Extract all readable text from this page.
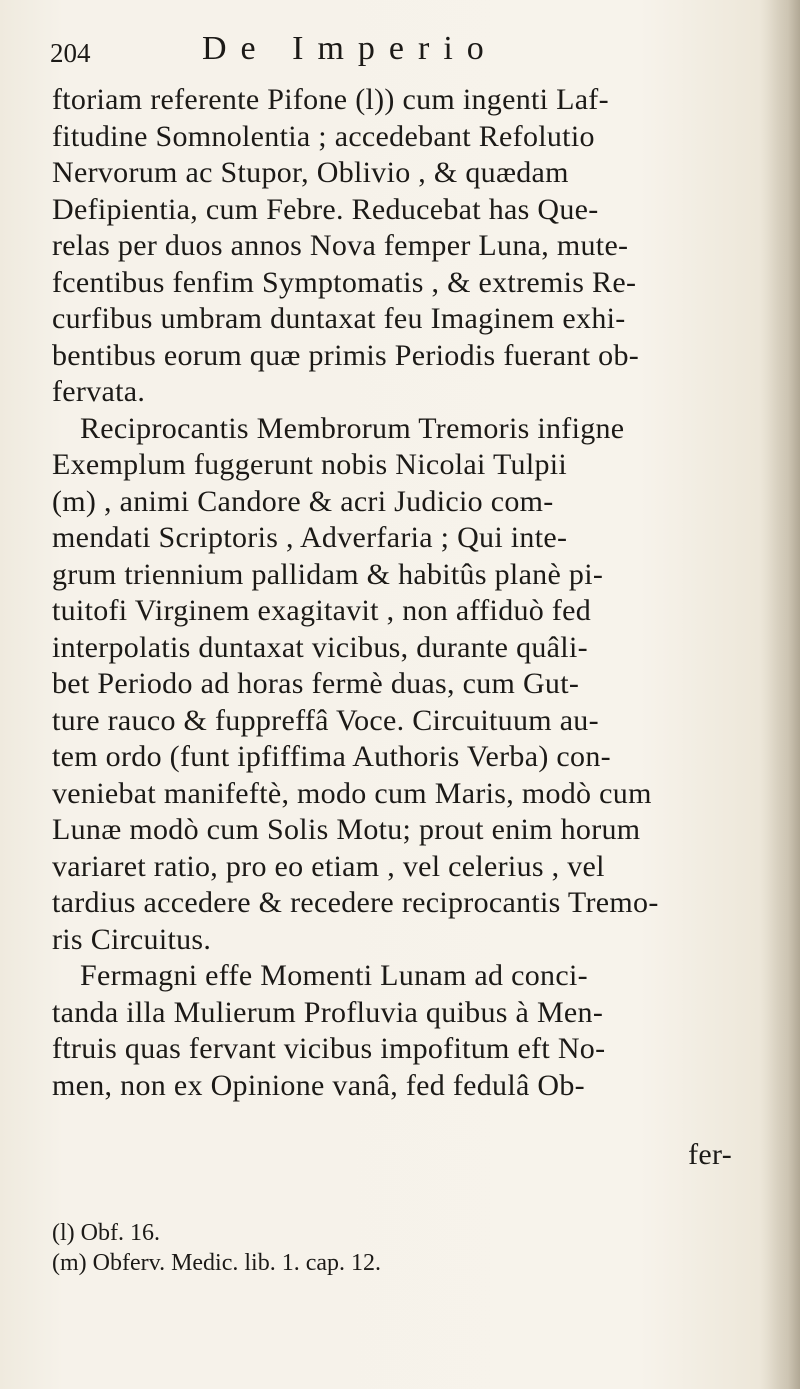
204	De Imperio
ftoriam referente Pifone (l)) cum ingenti Laf-
fitudine Somnolentia ; accedebant Refolutio
Nervorum ac Stupor, Oblivio , & quædam
Defipientia, cum Febre. Reducebat has Que-
relas per duos annos Nova femper Luna, mute-
fcentibus fenfim Symptomatis , & extremis Re-
curfibus umbram duntaxat feu Imaginem exhi-
bentibus eorum quæ primis Periodis fuerant ob-
fervata.
Reciprocantis Membrorum Tremoris infigne
Exemplum fuggerunt nobis Nicolai Tulpii
(m) , animi Candore & acri Judicio com-
mendati Scriptoris , Adverfaria ; Qui inte-
grum triennium pallidam & habitûs planè pi-
tuitofi Virginem exagitavit , non affiduò fed
interpolatis duntaxat vicibus, durante quâli-
bet Periodo ad horas fermè duas, cum Gut-
ture rauco & fuppreffâ Voce. Circuituum au-
tem ordo (funt ipfiffima Authoris Verba) con-
veniebat manifeftè, modo cum Maris, modò cum
Lunæ modò cum Solis Motu; prout enim horum
variaret ratio, pro eo etiam , vel celerius , vel
tardius accedere & recedere reciprocantis Tremo-
ris Circuitus.
Fermagni effe Momenti Lunam ad conci-
tanda illa Mulierum Profluvia quibus à Men-
ftruis quas fervant vicibus impofitum eft No-
men, non ex Opinione vanâ, fed fedulâ Ob-
fer-
(l) Obf. 16.
(m) Obferv. Medic. lib. 1. cap. 12.
